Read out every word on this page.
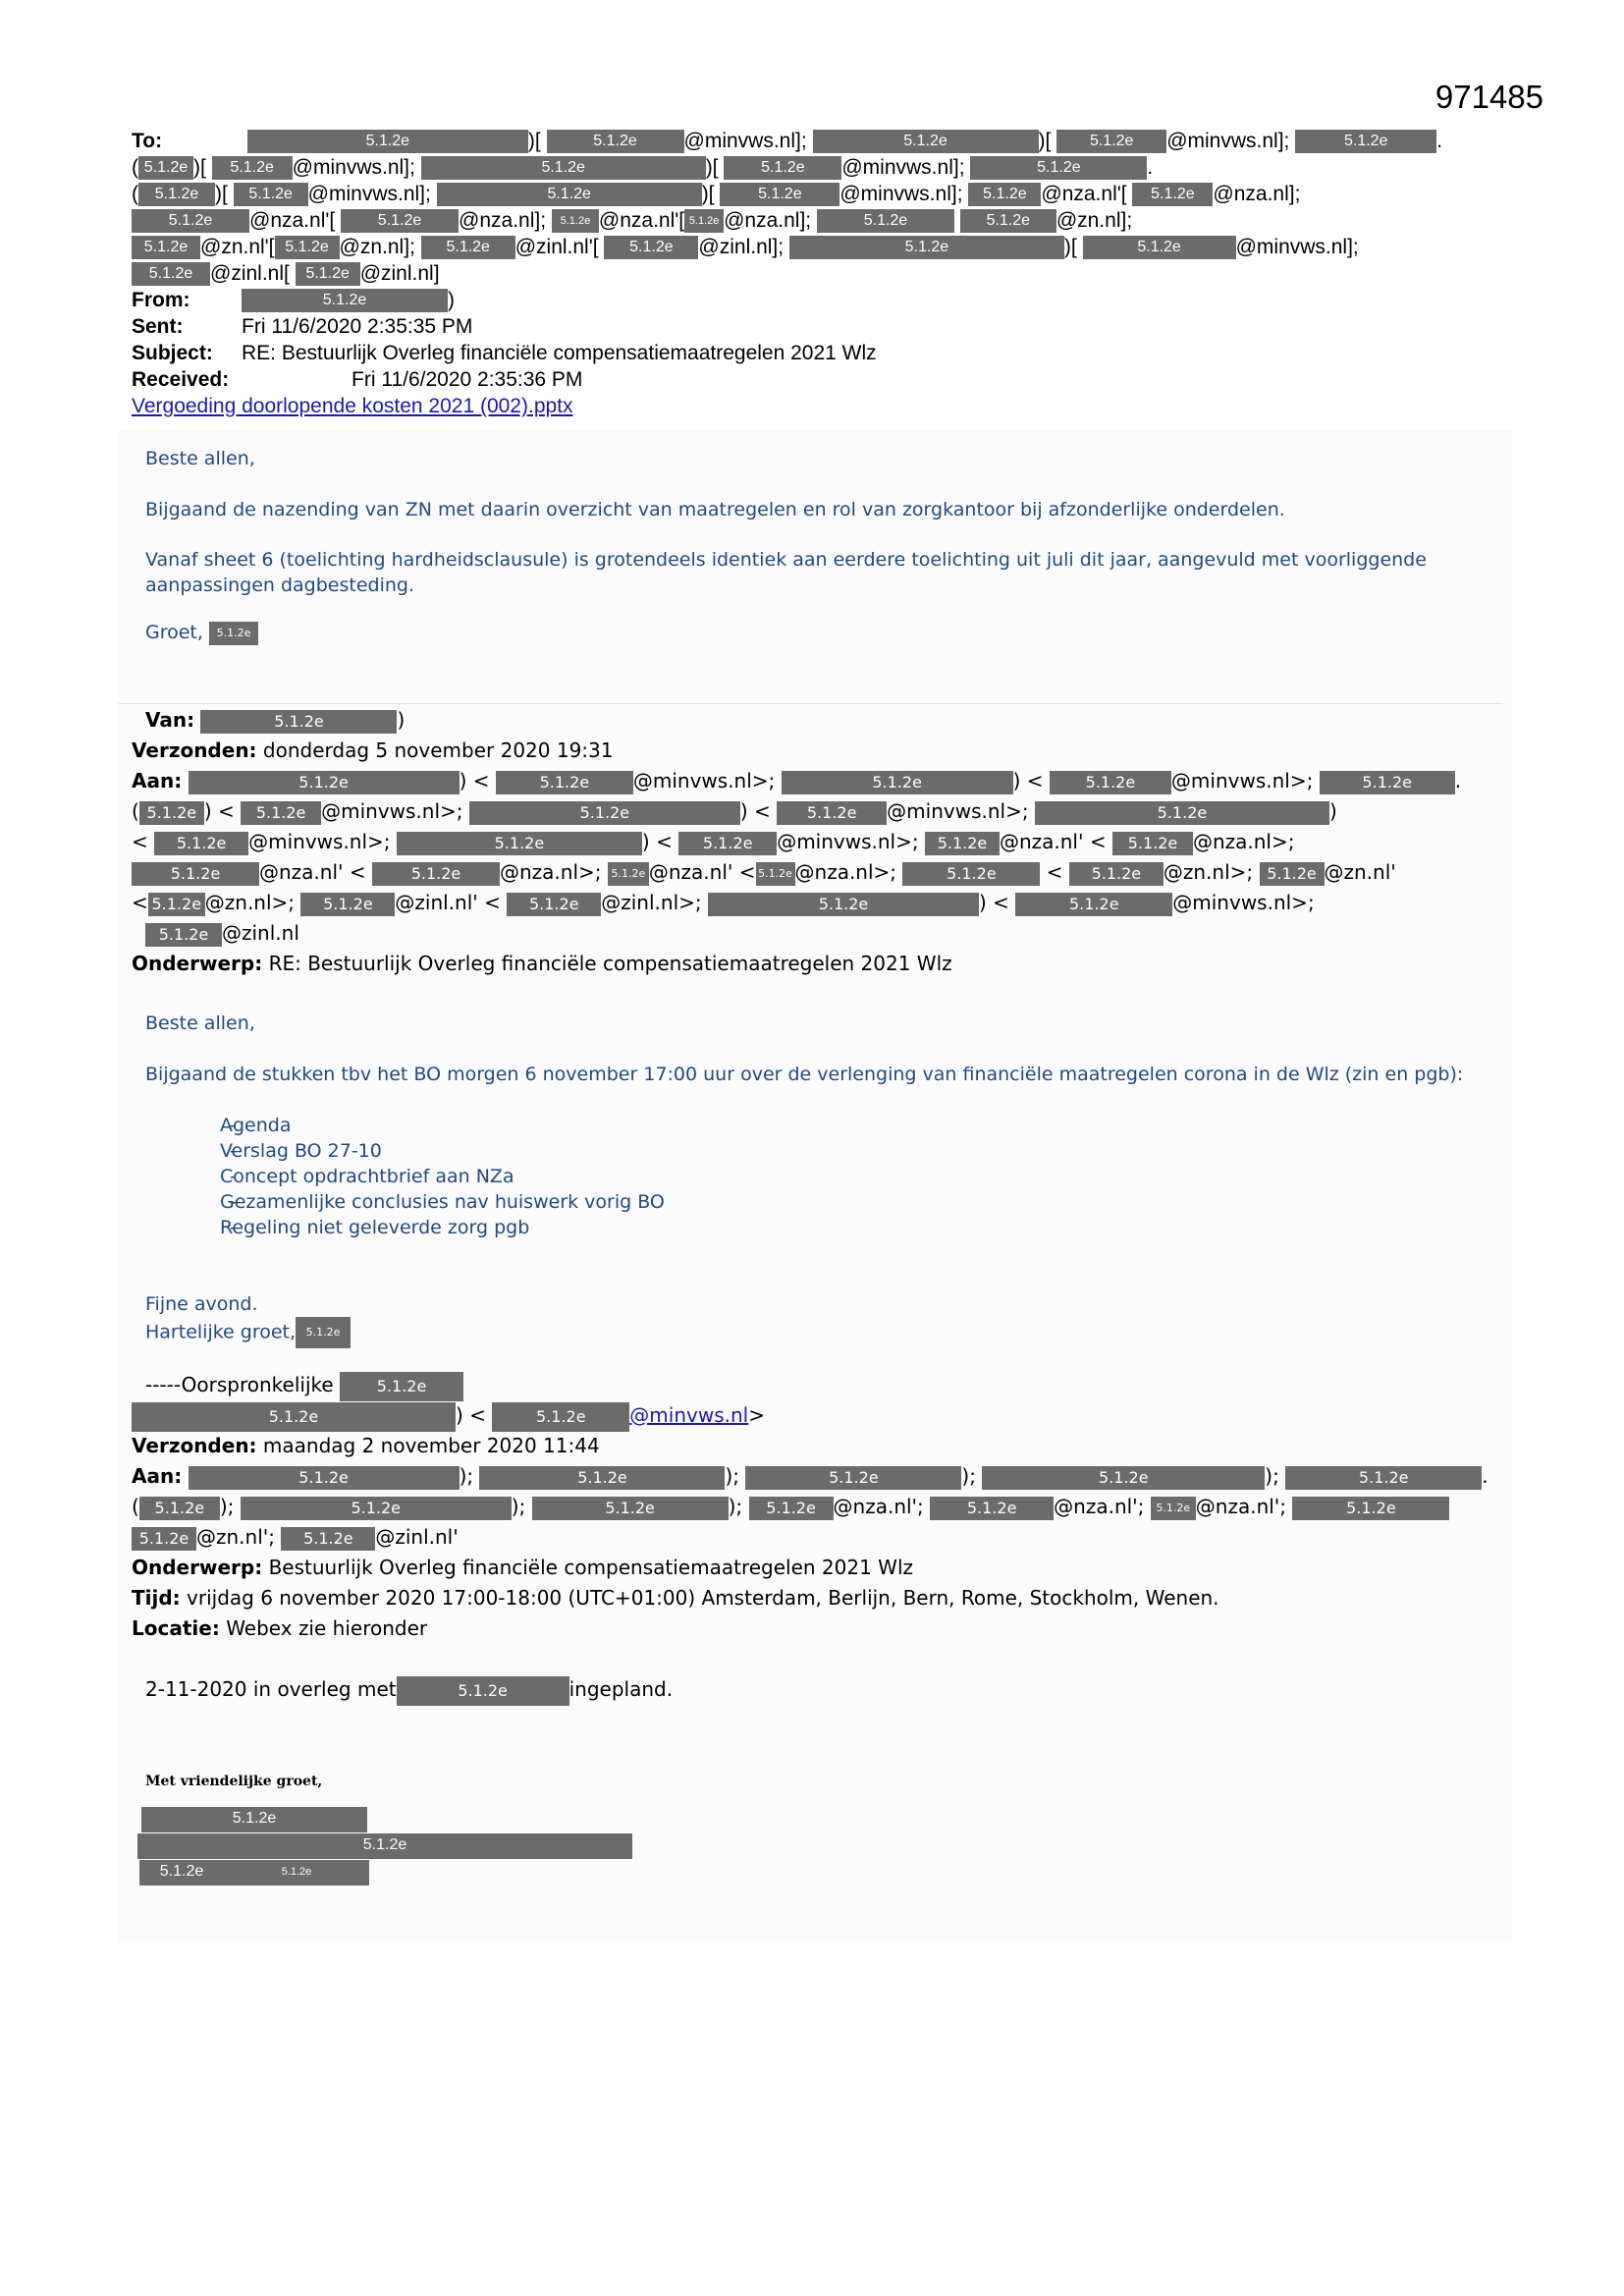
971485
To:	5.1.2e	)[	5.1.2e @minvws.nl];	5.1.2e	)[ 5.1.2e @minvws.nl];	5.1.2e .
( 5.1.2e )[ 5.1.2e @minvws.nl];	5.1.2e	)[ 5.1.2e @minvws.nl];	5.1.2e	.
( 5.1.2e )[ 5.1.2e @minvws.nl];	5.1.2e	)[ 5.1.2e @minvws.nl]; 5.1.2e @nza.nl'[ 5.1.2e @nza.nl];
5.1.2e @nza.nl'[ 5.1.2e @nza.nl]; 5.1.2e @nza.nl'[ 5.1.2e @nza.nl];	5.1.2e	5.1.2e @zn.nl];
5.1.2e @zn.nl'[ 5.1.2e @zn.nl]; 5.1.2e @zinl.nl'[ 5.1.2e @zinl.nl];	5.1.2e	)[	5.1.2e	@minvws.nl];
5.1.2e @zinl.nl[ 5.1.2e @zinl.nl]
From:	5.1.2e	)
Sent:	Fri 11/6/2020 2:35:35 PM
Subject: RE: Bestuurlijk Overleg financiële compensatiemaatregelen 2021 Wlz
Received:	Fri 11/6/2020 2:35:36 PM
Vergoeding doorlopende kosten 2021 (002).pptx
Beste allen,
Bijgaand de nazending van ZN met daarin overzicht van maatregelen en rol van zorgkantoor bij afzonderlijke onderdelen.
Vanaf sheet 6 (toelichting hardheidsclausule) is grotendeels identiek aan eerdere toelichting uit juli dit jaar, aangevuld met voorliggende aanpassingen dagbesteding.
Groet, 5.1.2e
Van:	5.1.2e	)
Verzonden: donderdag 5 november 2020 19:31
Aan:	5.1.2e	) <	5.1.2e @minvws.nl>;	5.1.2e	) < 5.1.2e @minvws.nl>;	5.1.2e .
( 5.1.2e ) < 5.1.2e @minvws.nl>;	5.1.2e	) < 5.1.2e @minvws.nl>;	5.1.2e	)
< 5.1.2e @minvws.nl>;	5.1.2e	) < 5.1.2e @minvws.nl>; 5.1.2e @nza.nl' < 5.1.2e @nza.nl>;
5.1.2e @nza.nl' < 5.1.2e @nza.nl>; 5.1.2e @nza.nl' < 5.1.2e @nza.nl>;	5.1.2e < 5.1.2e @zn.nl>; 5.1.2e @zn.nl'
< 5.1.2e @zn.nl>; 5.1.2e @zinl.nl' < 5.1.2e @zinl.nl>;	5.1.2e	) <	5.1.2e	@minvws.nl>;
5.1.2e @zinl.nl
Onderwerp: RE: Bestuurlijk Overleg financiële compensatiemaatregelen 2021 Wlz
Beste allen,
Bijgaand de stukken tbv het BO morgen 6 november 17:00 uur over de verlenging van financiële maatregelen corona in de Wlz (zin en pgb):
- Agenda
- Verslag BO 27-10
- Concept opdrachtbrief aan NZa
- Gezamenlijke conclusies nav huiswerk vorig BO
- Regeling niet geleverde zorg pgb
Fijne avond.
Hartelijke groet, 5.1.2e
-----Oorspronkelijke	5.1.2e
5.1.2e	) <	5.1.2e @minvws.nl>
Verzonden: maandag 2 november 2020 11:44
Aan:	5.1.2e	);	5.1.2e	);	5.1.2e	);	5.1.2e	);	5.1.2e	.
( 5.1.2e );	5.1.2e	);	5.1.2e	); 5.1.2e @nza.nl'; 5.1.2e @nza.nl'; 5.1.2e @nza.nl';	5.1.2e
5.1.2e @zn.nl'; 5.1.2e @zinl.nl'
Onderwerp: Bestuurlijk Overleg financiële compensatiemaatregelen 2021 Wlz
Tijd: vrijdag 6 november 2020 17:00-18:00 (UTC+01:00) Amsterdam, Berlijn, Bern, Rome, Stockholm, Wenen.
Locatie: Webex zie hieronder
2-11-2020 in overleg met	5.1.2e	ingepland.
Met vriendelijke groet,
5.1.2e
5.1.2e
5.1.2e	5.1.2e
